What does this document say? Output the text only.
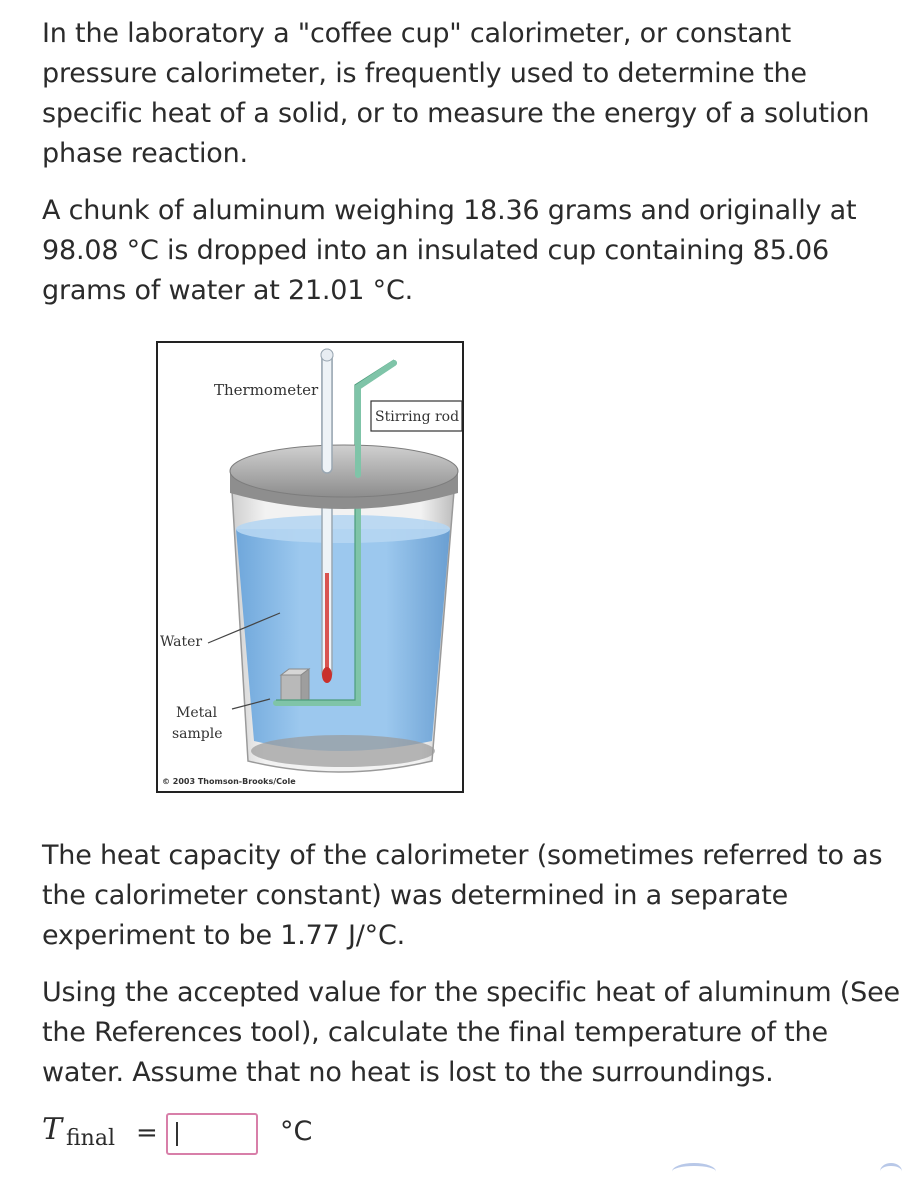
In the laboratory a "coffee cup" calorimeter, or constant pressure calorimeter, is frequently used to determine the specific heat of a solid, or to measure the energy of a solution phase reaction.

A chunk of aluminum weighing 18.36 grams and originally at 98.08 °C is dropped into an insulated cup containing 85.06 grams of water at 21.01 °C.

Thermometer
Stirring rod
Water
Metal
sample
© 2003 Thomson-Brooks/Cole

The heat capacity of the calorimeter (sometimes referred to as the calorimeter constant) was determined in a separate experiment to be 1.77 J/°C.

Using the accepted value for the specific heat of aluminum (See the References tool), calculate the final temperature of the water. Assume that no heat is lost to the surroundings.

T final =	°C
